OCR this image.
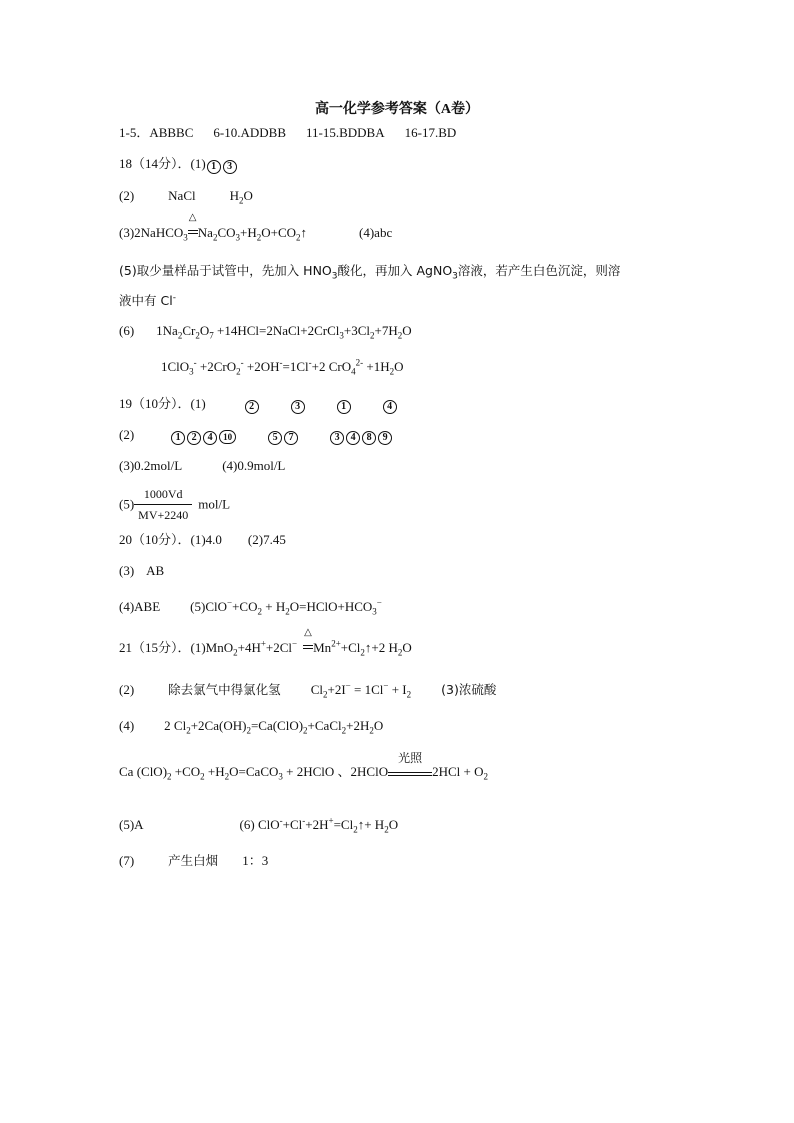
高一化学参考答案（A卷）
1-5．ABBBC 6-10.ADDBB 11-15.BDDBA 16-17.BD
18（14分）．(1) 1 3
(2)	NaCl	$H_2O$
(3)2NaHCO$_3$
△
$Na_2CO_3+H_2O+CO_2↑$	(4)abc
(5)取少量样品于试管中，先加入 $HNO_3$酸化，再加入 AgNO$_3$溶液，若产生白色沉淀，则溶
液中有 Cl-
(6) $1Na_2Cr_2O_7$ $+14HCl=2NaCl+2CrCl_3+3Cl_2+7H_2O$
1ClO$_3$- +2CrO$_2$- +2OH-=1Cl-+2 $CrO_4^{2-} +1H_2O$
19（10分）．(1)	2	3	1	4
(2)	1 2 4 10	5 7	3 4 8 9
(3)0.2mol/L	(4)0.9mol/L
$(5) \frac{1000Vd}{MV+2240} mol/L$
20（10分）．(1)4.0 (2)7.45
(3) AB
(4)ABE $(5)ClO^-+CO_2$ + $H_2O=HClO+HCO_3^-$
21（15分）．(1)MnO$_2$+4H++2Cl−
△
$Mn^{2+}+Cl_2↑+2$ $H_2O$
(2)	除去氯气中得氯化氢 $Cl_2+2I^- = 1Cl^- + I_2$ (3)浓硫酸
(4) 2 $Cl_2+2Ca(OH)_2=Ca(ClO)_2+CaCl_2+2H_2O$
Ca $(ClO)_2 +CO_2$ $+H_2O=CaCO_3$ + 2HClO 、2HClO
光照
$2HCl + O_2$
(5)A	(6) $ClO^-+Cl^-+2H^+=Cl_2↑+ H_2O$
(7)	产生白烟 1：3
